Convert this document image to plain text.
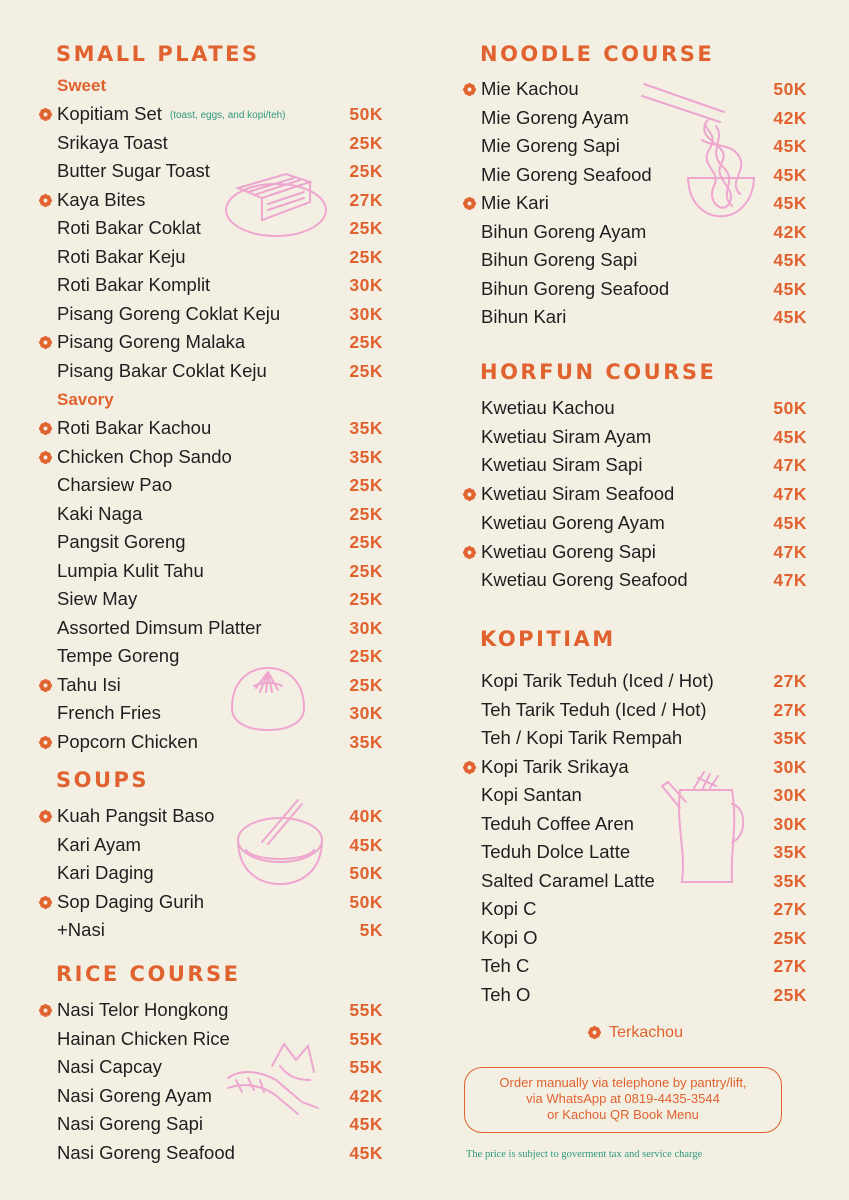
SMALL PLATES
Sweet
Kopitiam Set (toast, eggs, and kopi/teh)	50K
Srikaya Toast	25K
Butter Sugar Toast	25K
Kaya Bites	27K
Roti Bakar Coklat	25K
Roti Bakar Keju	25K
Roti Bakar Komplit	30K
Pisang Goreng Coklat Keju	30K
Pisang Goreng Malaka	25K
Pisang Bakar Coklat Keju	25K
Savory
Roti Bakar Kachou	35K
Chicken Chop Sando	35K
Charsiew Pao	25K
Kaki Naga	25K
Pangsit Goreng	25K
Lumpia Kulit Tahu	25K
Siew May	25K
Assorted Dimsum Platter	30K
Tempe Goreng	25K
Tahu Isi	25K
French Fries	30K
Popcorn Chicken	35K
SOUPS
Kuah Pangsit Baso	40K
Kari Ayam	45K
Kari Daging	50K
Sop Daging Gurih	50K
+Nasi	5K
RICE COURSE
Nasi Telor Hongkong	55K
Hainan Chicken Rice	55K
Nasi Capcay	55K
Nasi Goreng Ayam	42K
Nasi Goreng Sapi	45K
Nasi Goreng Seafood	45K
NOODLE COURSE
Mie Kachou	50K
Mie Goreng Ayam	42K
Mie Goreng Sapi	45K
Mie Goreng Seafood	45K
Mie Kari	45K
Bihun Goreng Ayam	42K
Bihun Goreng Sapi	45K
Bihun Goreng Seafood	45K
Bihun Kari	45K
HORFUN COURSE
Kwetiau Kachou	50K
Kwetiau Siram Ayam	45K
Kwetiau Siram Sapi	47K
Kwetiau Siram Seafood	47K
Kwetiau Goreng Ayam	45K
Kwetiau Goreng Sapi	47K
Kwetiau Goreng Seafood	47K
KOPITIAM
Kopi Tarik Teduh (Iced / Hot)	27K
Teh Tarik Teduh (Iced / Hot)	27K
Teh / Kopi Tarik Rempah	35K
Kopi Tarik Srikaya	30K
Kopi Santan	30K
Teduh Coffee Aren	30K
Teduh Dolce Latte	35K
Salted Caramel Latte	35K
Kopi C	27K
Kopi O	25K
Teh C	27K
Teh O	25K
Terkachou
Order manually via telephone by pantry/lift,
via WhatsApp at 0819-4435-3544
or Kachou QR Book Menu
The price is subject to goverment tax and service charge
